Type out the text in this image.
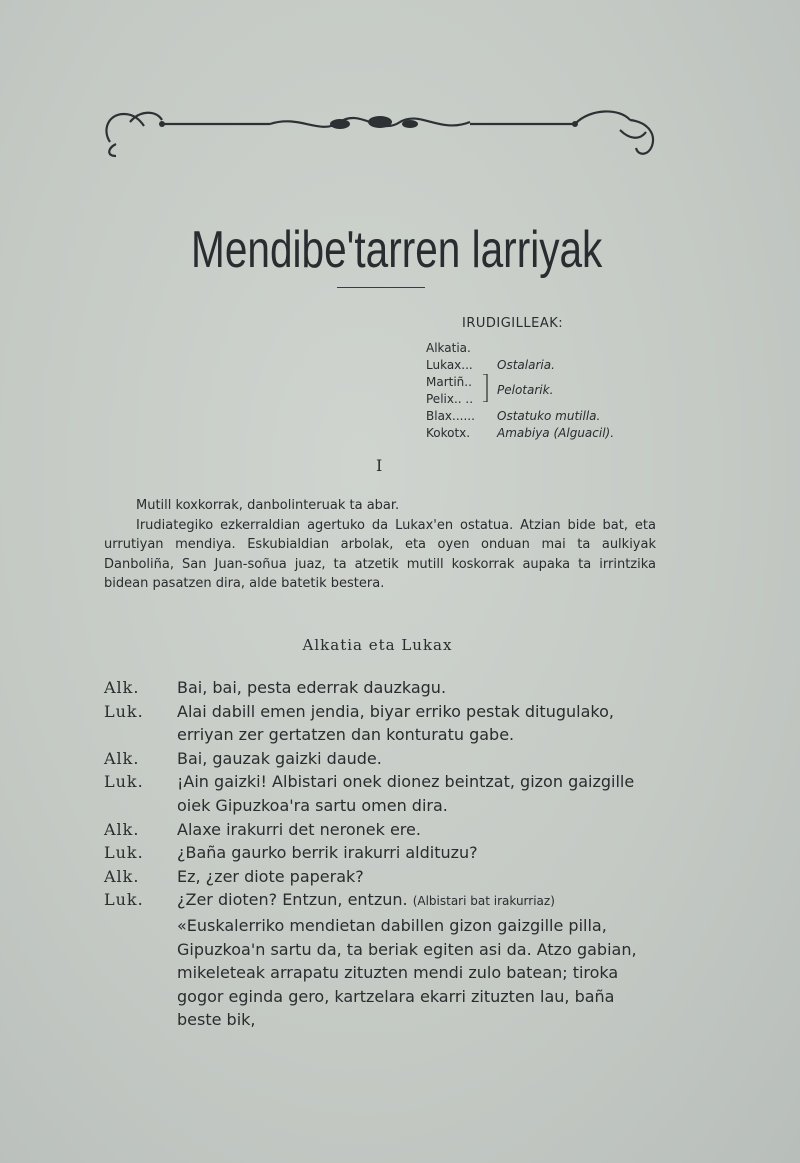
Mendibe'tarren larriyak
IRUDIGILLEAK:
Alkatia.
Lukax... Ostalaria.
Martiñ..
Pelotarik.
Pelix.. ..
Blax...... Ostatuko mutilla.
Kokotx. Amabiya (Alguacil).
I

Mutill koxkorrak, danbolinteruak ta abar.

Irudiategiko ezkerraldian agertuko da Lukax'en ostatua. Atzian bide bat, eta urrutiyan mendiya. Eskubialdian arbolak, eta oyen onduan mai ta aulkiyak Danboliña, San Juan-soñua juaz, ta atzetik mutill koskorrak aupaka ta irrintzika bidean pasatzen dira, alde batetik bestera.

Alkatia eta Lukax
Alk. Bai, bai, pesta ederrak dauzkagu.
Luk. Alai dabill emen jendia, biyar erriko pestak ditugulako, erriyan zer gertatzen dan konturatu gabe.
Alk. Bai, gauzak gaizki daude.
Luk. ¡Ain gaizki! Albistari onek dionez beintzat, gizon gaizgille oiek Gipuzkoa'ra sartu omen dira.
Alk. Alaxe irakurri det neronek ere.
Luk. ¿Baña gaurko berrik irakurri aldituzu?
Alk. Ez, ¿zer diote paperak?
Luk. ¿Zer dioten? Entzun, entzun. (Albistari bat irakurriaz) «Euskalerriko mendietan dabillen gizon gaizgille pilla, Gipuzkoa'n sartu da, ta beriak egiten asi da. Atzo gabian, mikeleteak arrapatu zituzten mendi zulo batean; tiroka gogor eginda gero, kartzelara ekarri zituzten lau, baña beste bik,
